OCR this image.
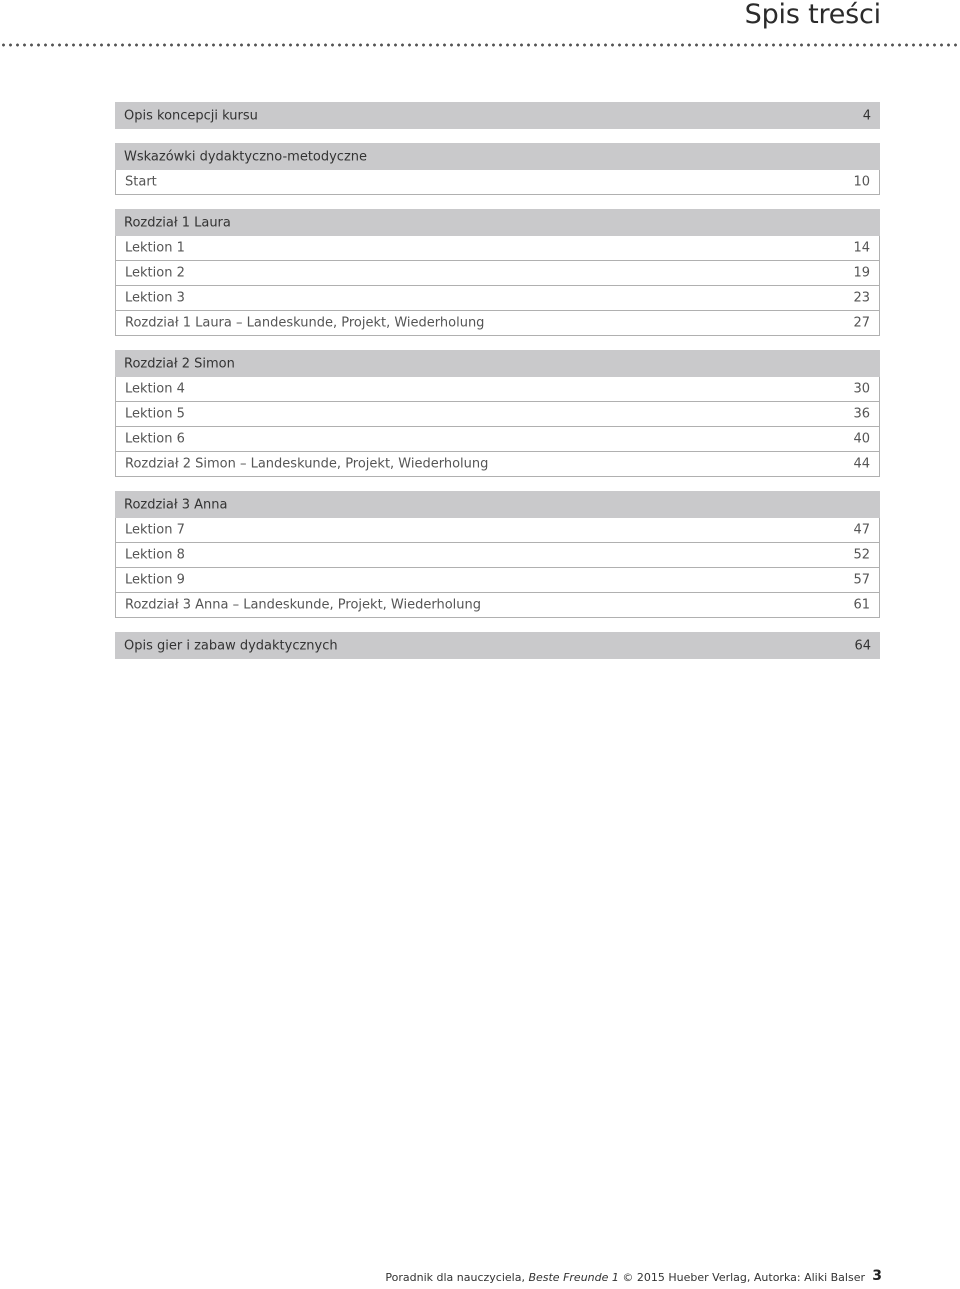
Spis treści
Opis koncepcji kursu	4
Wskazówki dydaktyczno-metodyczne
Start	10
Rozdział 1 Laura
Lektion 1	14
Lektion 2	19
Lektion 3	23
Rozdział 1 Laura – Landeskunde, Projekt, Wiederholung	27
Rozdział 2 Simon
Lektion 4	30
Lektion 5	36
Lektion 6	40
Rozdział 2 Simon – Landeskunde, Projekt, Wiederholung	44
Rozdział 3 Anna
Lektion 7	47
Lektion 8	52
Lektion 9	57
Rozdział 3 Anna – Landeskunde, Projekt, Wiederholung	61
Opis gier i zabaw dydaktycznych	64
Poradnik dla nauczyciela, Beste Freunde 1 © 2015 Hueber Verlag, Autorka: Aliki Balser 3
